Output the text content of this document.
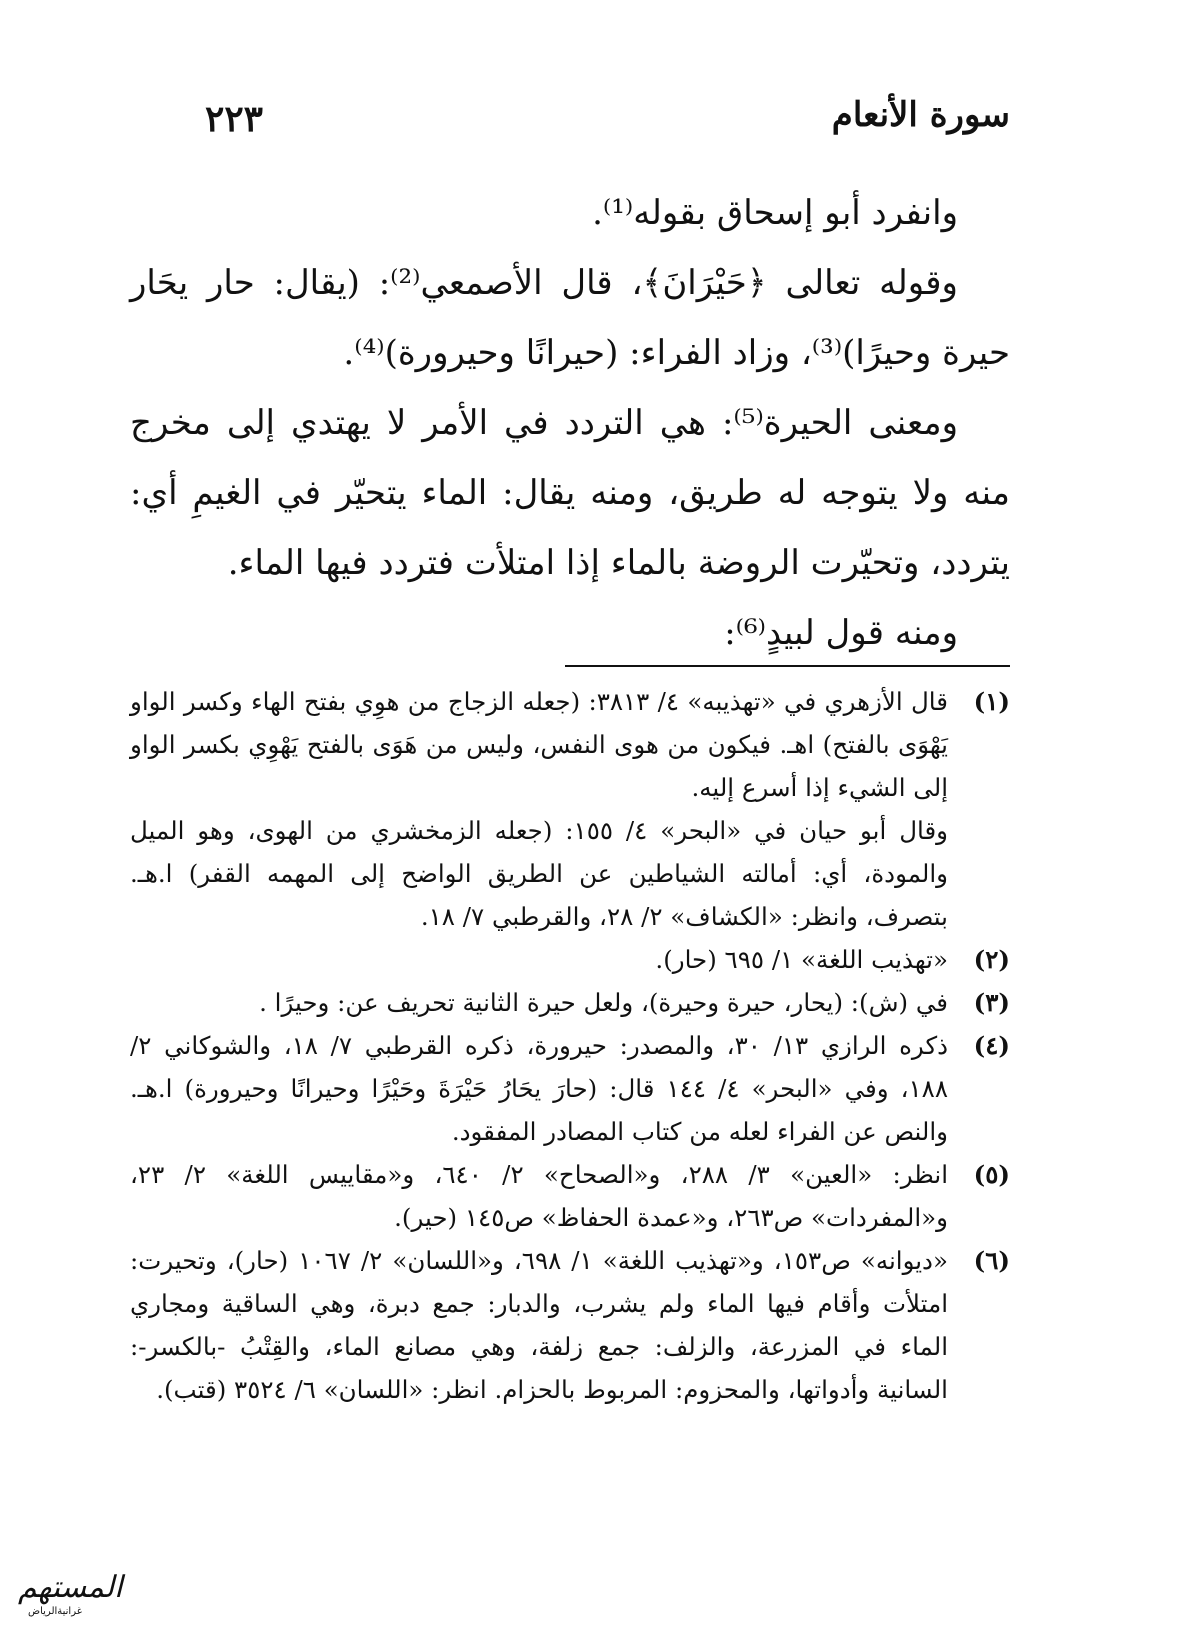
سورة الأنعام
٢٢٣

وانفرد أبو إسحاق بقوله⁽¹⁾.

وقوله تعالى ﴿حَيْرَانَ﴾، قال الأصمعي⁽²⁾: (يقال: حار يحَار حيرة وحيرًا)⁽³⁾، وزاد الفراء: (حيرانًا وحيرورة)⁽⁴⁾.

ومعنى الحيرة⁽⁵⁾: هي التردد في الأمر لا يهتدي إلى مخرج منه ولا يتوجه له طريق، ومنه يقال: الماء يتحيّر في الغيمِ أي: يتردد، وتحيّرت الروضة بالماء إذا امتلأت فتردد فيها الماء.

ومنه قول لبيدٍ⁽⁶⁾:

(١)

قال الأزهري في «تهذيبه» ٤/ ٣٨١٣: (جعله الزجاج من هوِي بفتح الهاء وكسر الواو يَهْوَى بالفتح) اهـ. فيكون من هوى النفس، وليس من هَوَى بالفتح يَهْوِي بكسر الواو إلى الشيء إذا أسرع إليه.

وقال أبو حيان في «البحر» ٤/ ١٥٥: (جعله الزمخشري من الهوى، وهو الميل والمودة، أي: أمالته الشياطين عن الطريق الواضح إلى المهمه القفر) ا.هـ. بتصرف، وانظر: «الكشاف» ٢/ ٢٨، والقرطبي ٧/ ١٨.

(٢)

«تهذيب اللغة» ١/ ٦٩٥ (حار).

(٣)

في (ش): (يحار، حيرة وحيرة)، ولعل حيرة الثانية تحريف عن: وحيرًا .

(٤)

ذكره الرازي ١٣/ ٣٠، والمصدر: حيرورة، ذكره القرطبي ٧/ ١٨، والشوكاني ٢/ ١٨٨، وفي «البحر» ٤/ ١٤٤ قال: (حارَ يحَارُ حَيْرَةَ وحَيْرًا وحيرانًا وحيرورة) ا.هـ. والنص عن الفراء لعله من كتاب المصادر المفقود.

(٥)

انظر: «العين» ٣/ ٢٨٨، و«الصحاح» ٢/ ٦٤٠، و«مقاييس اللغة» ٢/ ٢٣، و«المفردات» ص٢٦٣، و«عمدة الحفاظ» ص١٤٥ (حير).

(٦)

«ديوانه» ص١٥٣، و«تهذيب اللغة» ١/ ٦٩٨، و«اللسان» ٢/ ١٠٦٧ (حار)، وتحيرت: امتلأت وأقام فيها الماء ولم يشرب، والدبار: جمع دبرة، وهي الساقية ومجاري الماء في المزرعة، والزلف: جمع زلفة، وهي مصانع الماء، والقِتْبُ -بالكسر-: السانية وأدواتها، والمحزوم: المربوط بالحزام. انظر: «اللسان» ٦/ ٣٥٢٤ (قتب).

المستهم
غرانيةالرياض
